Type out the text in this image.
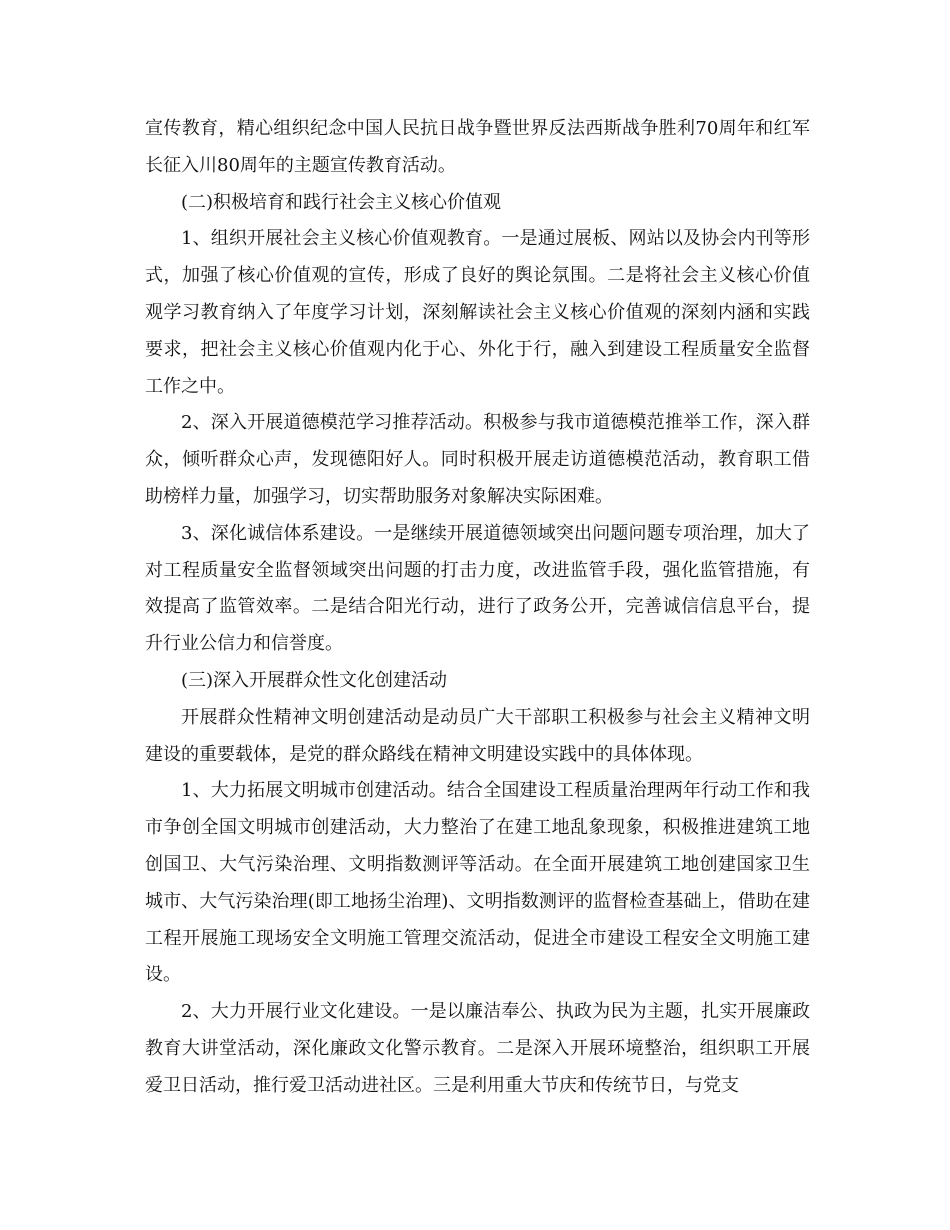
宣传教育，精心组织纪念中国人民抗日战争暨世界反法西斯战争胜利70周年和红军长征入川80周年的主题宣传教育活动。

(二)积极培育和践行社会主义核心价值观

1、组织开展社会主义核心价值观教育。一是通过展板、网站以及协会内刊等形式，加强了核心价值观的宣传，形成了良好的舆论氛围。二是将社会主义核心价值观学习教育纳入了年度学习计划，深刻解读社会主义核心价值观的深刻内涵和实践要求，把社会主义核心价值观内化于心、外化于行，融入到建设工程质量安全监督工作之中。

2、深入开展道德模范学习推荐活动。积极参与我市道德模范推举工作，深入群众，倾听群众心声，发现德阳好人。同时积极开展走访道德模范活动，教育职工借助榜样力量，加强学习，切实帮助服务对象解决实际困难。

3、深化诚信体系建设。一是继续开展道德领域突出问题问题专项治理，加大了对工程质量安全监督领域突出问题的打击力度，改进监管手段，强化监管措施，有效提高了监管效率。二是结合阳光行动，进行了政务公开，完善诚信信息平台，提升行业公信力和信誉度。

(三)深入开展群众性文化创建活动

开展群众性精神文明创建活动是动员广大干部职工积极参与社会主义精神文明建设的重要载体，是党的群众路线在精神文明建设实践中的具体体现。

1、大力拓展文明城市创建活动。结合全国建设工程质量治理两年行动工作和我市争创全国文明城市创建活动，大力整治了在建工地乱象现象，积极推进建筑工地创国卫、大气污染治理、文明指数测评等活动。在全面开展建筑工地创建国家卫生城市、大气污染治理(即工地扬尘治理)、文明指数测评的监督检查基础上，借助在建工程开展施工现场安全文明施工管理交流活动，促进全市建设工程安全文明施工建设。

2、大力开展行业文化建设。一是以廉洁奉公、执政为民为主题，扎实开展廉政教育大讲堂活动，深化廉政文化警示教育。二是深入开展环境整治，组织职工开展爱卫日活动，推行爱卫活动进社区。三是利用重大节庆和传统节日，与党支
